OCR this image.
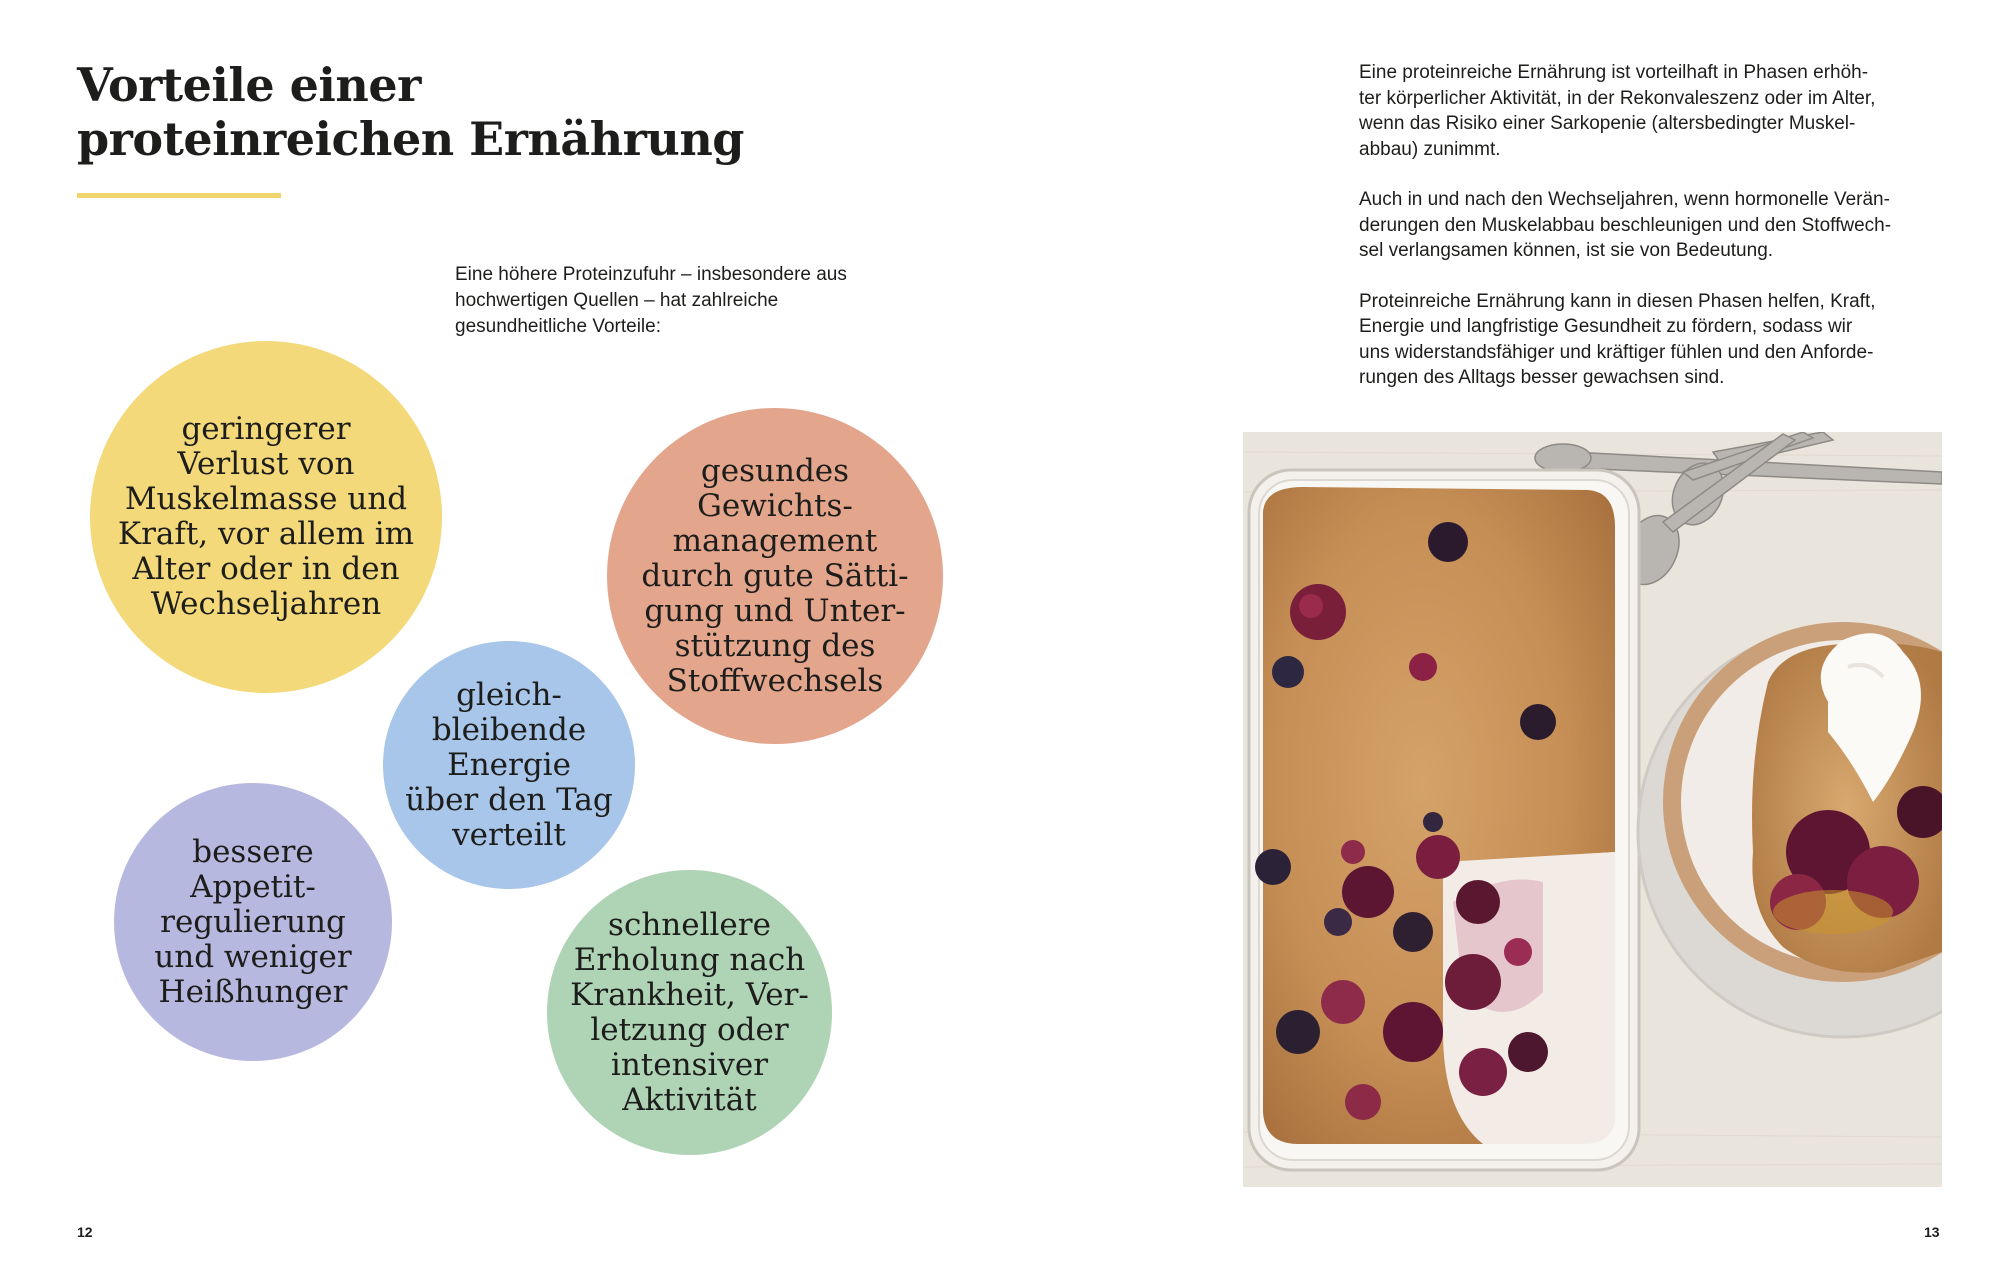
Vorteile einer
proteinreichen Ernährung
Eine höhere Proteinzufuhr – insbesondere aus hochwertigen Quellen – hat zahlreiche gesundheitliche Vorteile:
geringerer
Verlust von
Muskelmasse und
Kraft, vor allem im
Alter oder in den
Wechseljahren
gesundes
Gewichts-
management
durch gute Sätti-
gung und Unter-
stützung des
Stoffwechsels
gleich-
bleibende
Energie
über den Tag
verteilt
bessere
Appetit-
regulierung
und weniger
Heißhunger
schnellere
Erholung nach
Krankheit, Ver-
letzung oder
intensiver
Aktivität

Eine proteinreiche Ernährung ist vorteilhaft in Phasen erhöh-
ter körperlicher Aktivität, in der Rekonvaleszenz oder im Alter,
wenn das Risiko einer Sarkopenie (altersbedingter Muskel-
abbau) zunimmt.

Auch in und nach den Wechseljahren, wenn hormonelle Verän-
derungen den Muskelabbau beschleunigen und den Stoffwech-
sel verlangsamen können, ist sie von Bedeutung.

Proteinreiche Ernährung kann in diesen Phasen helfen, Kraft,
Energie und langfristige Gesundheit zu fördern, sodass wir
uns widerstandsfähiger und kräftiger fühlen und den Anforde-
rungen des Alltags besser gewachsen sind.

12	13
